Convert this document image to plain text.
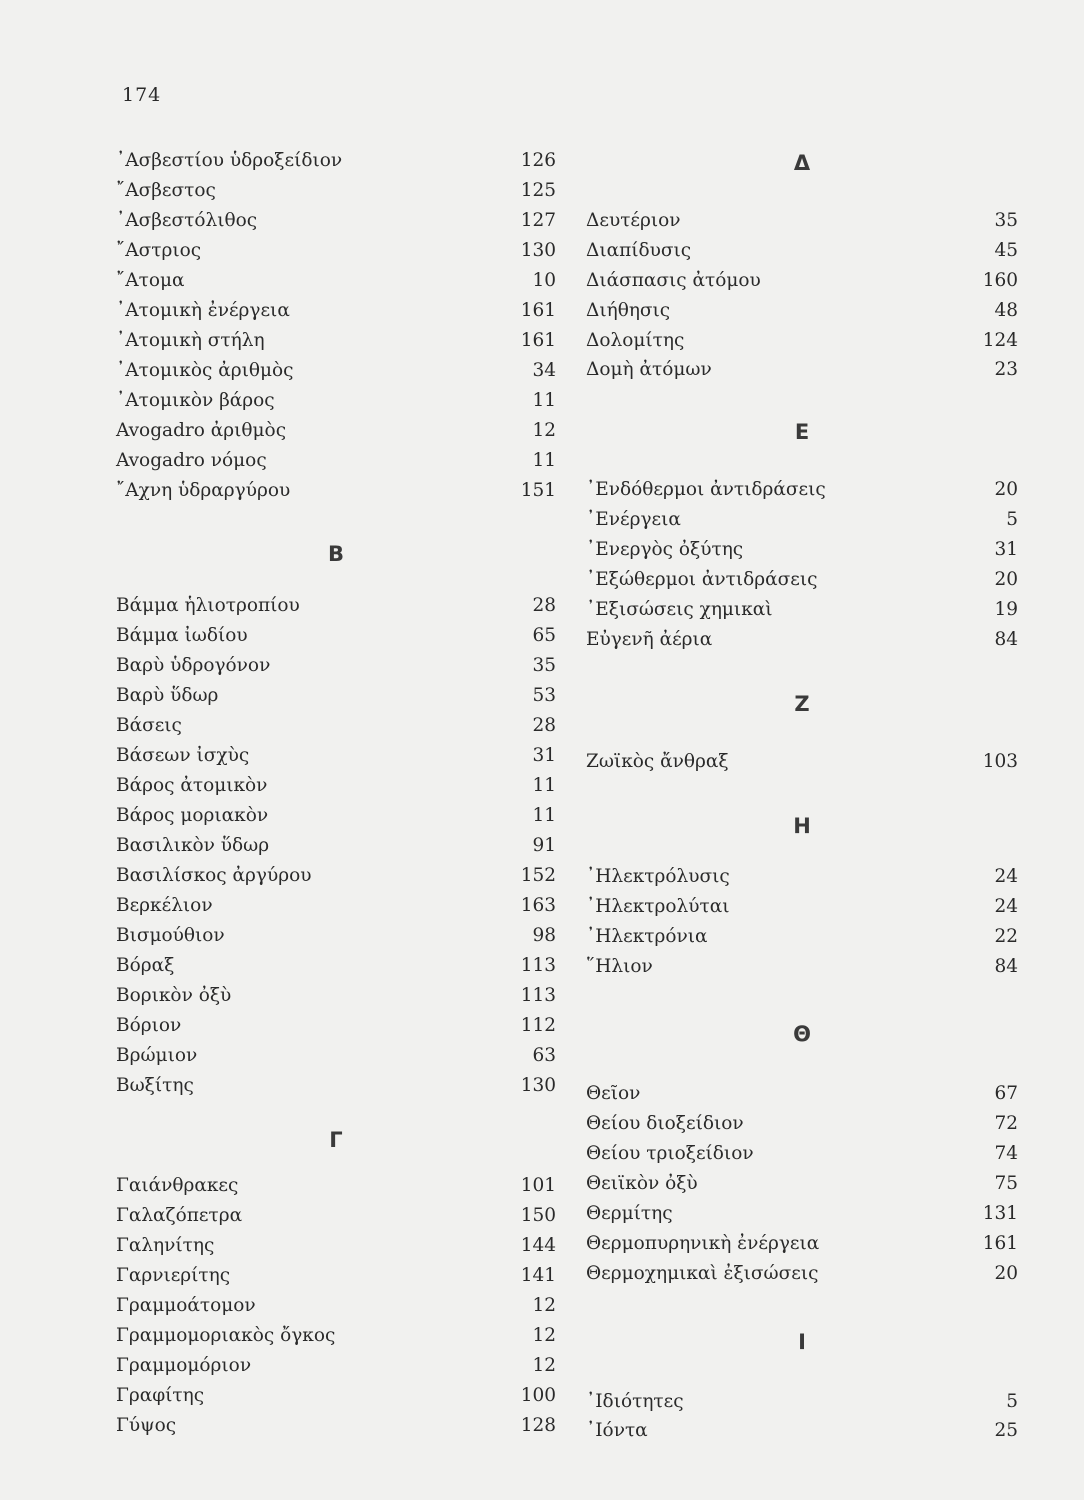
174
᾿Ασβεστίου ὑδροξείδιον	126
῎Ασβεστος	125
᾿Ασβεστόλιθος	127
῎Αστριος	130
῎Ατομα	10
᾿Ατομικὴ ἐνέργεια	161
᾿Ατομικὴ στήλη	161
᾿Ατομικὸς ἀριθμὸς	34
᾿Ατομικὸν βάρος	11
Avogadro ἀριθμὸς	12
Avogadro νόμος	11
῎Αχνη ὑδραργύρου	151
Β
Βάμμα ἡλιοτροπίου	28
Βάμμα ἰωδίου	65
Βαρὺ ὑδρογόνον	35
Βαρὺ ὕδωρ	53
Βάσεις	28
Βάσεων ἰσχὺς	31
Βάρος ἀτομικὸν	11
Βάρος μοριακὸν	11
Βασιλικὸν ὕδωρ	91
Βασιλίσκος ἀργύρου	152
Βερκέλιον	163
Βισμούθιον	98
Βόραξ	113
Βορικὸν ὀξὺ	113
Βόριον	112
Βρώμιον	63
Βωξίτης	130
Γ
Γαιάνθρακες	101
Γαλαζόπετρα	150
Γαληνίτης	144
Γαρνιερίτης	141
Γραμμοάτομον	12
Γραμμομοριακὸς ὄγκος	12
Γραμμομόριον	12
Γραφίτης	100
Γύψος	128
Δ
Δευτέριον	35
Διαπίδυσις	45
Διάσπασις ἀτόμου	160
Διήθησις	48
Δολομίτης	124
Δομὴ ἀτόμων	23
Ε
᾿Ενδόθερμοι ἀντιδράσεις	20
᾿Ενέργεια	5
᾿Ενεργὸς ὀξύτης	31
᾿Εξώθερμοι ἀντιδράσεις	20
᾿Εξισώσεις χημικαὶ	19
Εὐγενῆ ἀέρια	84
Ζ
Ζωϊκὸς ἄνθραξ	103
Η
᾿Ηλεκτρόλυσις	24
᾿Ηλεκτρολύται	24
᾿Ηλεκτρόνια	22
῞Ηλιον	84
Θ
Θεῖον	67
Θείου διοξείδιον	72
Θείου τριοξείδιον	74
Θειϊκὸν ὀξὺ	75
Θερμίτης	131
Θερμοπυρηνικὴ ἐνέργεια	161
Θερμοχημικαὶ ἐξισώσεις	20
Ι
᾿Ιδιότητες	5
᾿Ιόντα	25
